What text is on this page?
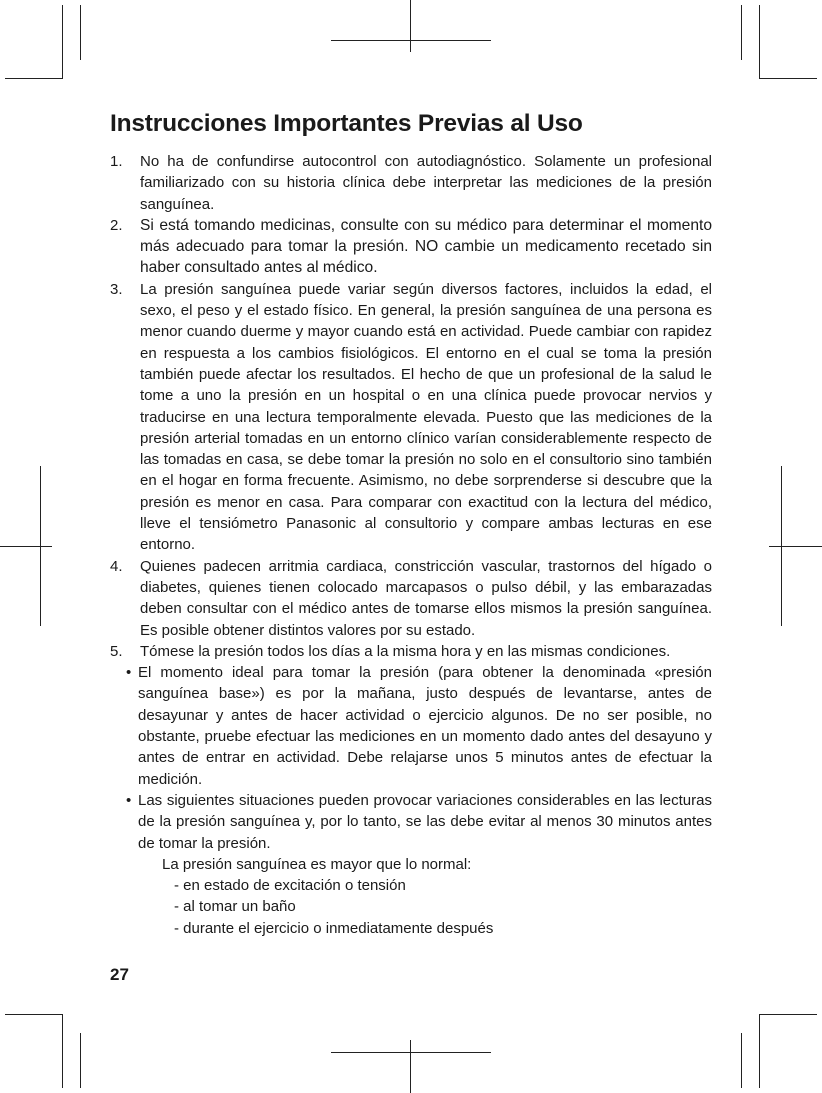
Instrucciones Importantes Previas al Uso
1.	No ha de confundirse autocontrol con autodiagnóstico. Solamente un profesional familiarizado con su historia clínica debe interpretar las mediciones de la presión sanguínea.
2.	Si está tomando medicinas, consulte con su médico para determinar el momento más adecuado para tomar la presión. NO cambie un medicamento recetado sin haber consultado antes al médico.
3.	La presión sanguínea puede variar según diversos factores, incluidos la edad, el sexo, el peso y el estado físico. En general, la presión sanguínea de una persona es menor cuando duerme y mayor cuando está en actividad. Puede cambiar con rapidez en respuesta a los cambios fisiológicos. El entorno en el cual se toma la presión también puede afectar los resultados. El hecho de que un profesional de la salud le tome a uno la presión en un hospital o en una clínica puede provocar nervios y traducirse en una lectura temporalmente elevada. Puesto que las mediciones de la presión arterial tomadas en un entorno clínico varían considerablemente respecto de las tomadas en casa, se debe tomar la presión no solo en el consultorio sino también en el hogar en forma frecuente. Asimismo, no debe sorprenderse si descubre que la presión es menor en casa. Para comparar con exactitud con la lectura del médico, lleve el tensiómetro Panasonic al consultorio y compare ambas lecturas en ese entorno.
4.	Quienes padecen arritmia cardiaca, constricción vascular, trastornos del hígado o diabetes, quienes tienen colocado marcapasos o pulso débil, y las embarazadas deben consultar con el médico antes de tomarse ellos mismos la presión sanguínea. Es posible obtener distintos valores por su estado.
5.	Tómese la presión todos los días a la misma hora y en las mismas condiciones.
• El momento ideal para tomar la presión (para obtener la denominada «presión sanguínea base») es por la mañana, justo después de levantarse, antes de desayunar y antes de hacer actividad o ejercicio algunos. De no ser posible, no obstante, pruebe efectuar las mediciones en un momento dado antes del desayuno y antes de entrar en actividad. Debe relajarse unos 5 minutos antes de efectuar la medición.
• Las siguientes situaciones pueden provocar variaciones considerables en las lecturas de la presión sanguínea y, por lo tanto, se las debe evitar al menos 30 minutos antes de tomar la presión.
La presión sanguínea es mayor que lo normal:
- en estado de excitación o tensión
- al tomar un baño
- durante el ejercicio o inmediatamente después
27
